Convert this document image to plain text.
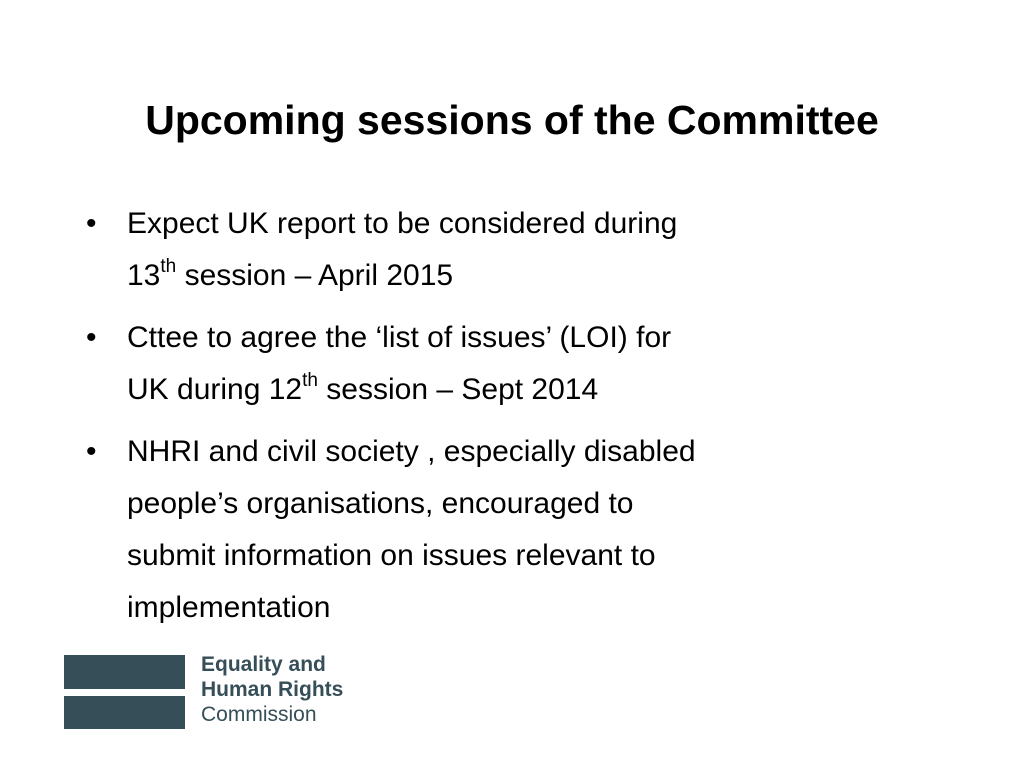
Upcoming sessions of the Committee
•	Expect UK report to be considered during
13th session – April 2015
•	Cttee to agree the ‘list of issues’ (LOI) for
UK during 12th session – Sept 2014
•	NHRI and civil society , especially disabled
people’s organisations, encouraged to
submit information on issues relevant to
implementation
Equality and
Human Rights
Commission
